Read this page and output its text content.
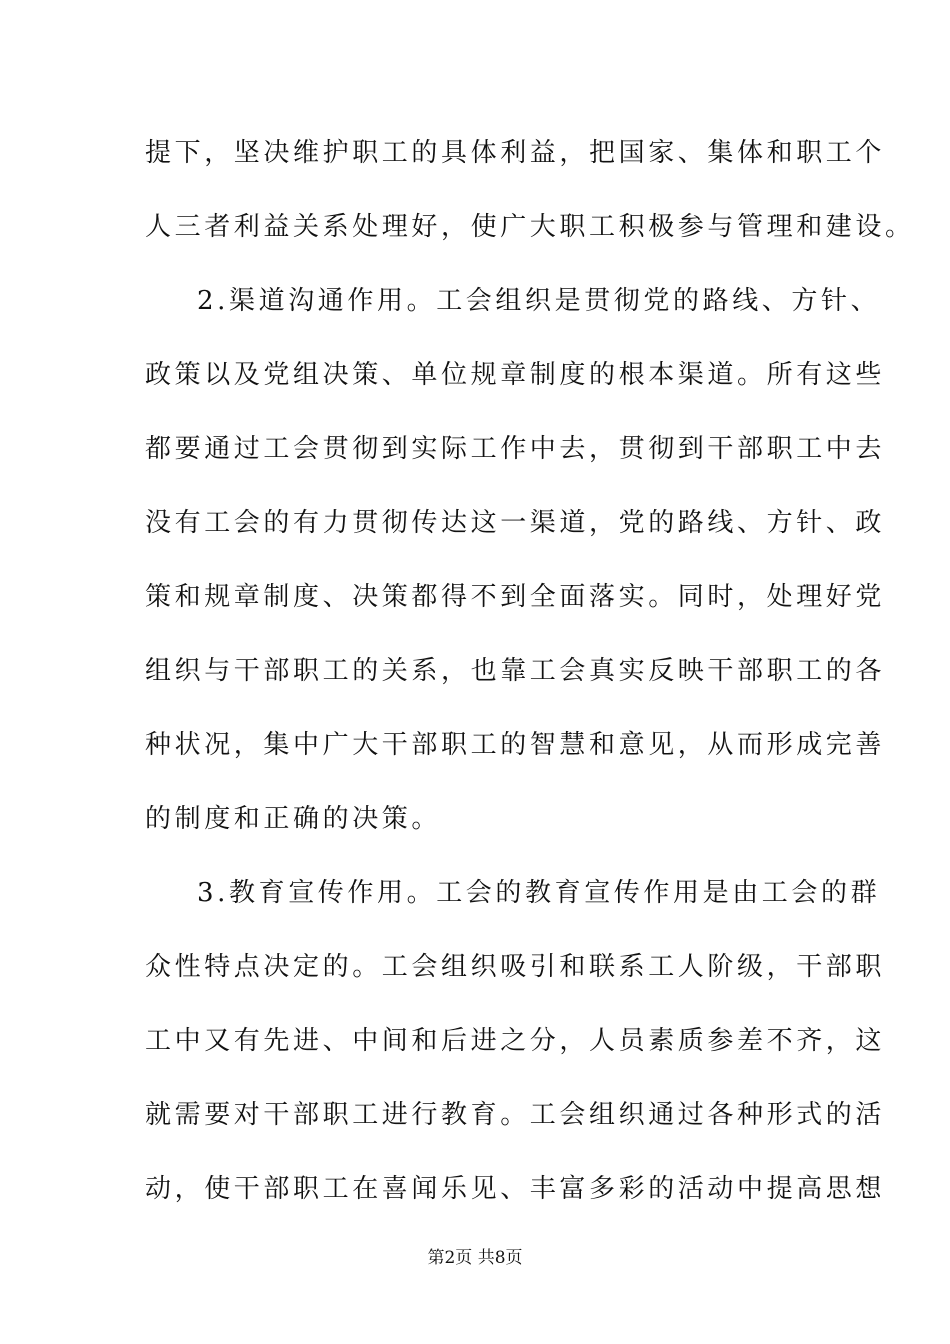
提下，坚决维护职工的具体利益，把国家、集体和职工个
人三者利益关系处理好，使广大职工积极参与管理和建设。
2.渠道沟通作用。工会组织是贯彻党的路线、方针、
政策以及党组决策、单位规章制度的根本渠道。所有这些
都要通过工会贯彻到实际工作中去，贯彻到干部职工中去
没有工会的有力贯彻传达这一渠道，党的路线、方针、政
策和规章制度、决策都得不到全面落实。同时，处理好党
组织与干部职工的关系，也靠工会真实反映干部职工的各
种状况，集中广大干部职工的智慧和意见，从而形成完善
的制度和正确的决策。
3.教育宣传作用。工会的教育宣传作用是由工会的群
众性特点决定的。工会组织吸引和联系工人阶级，干部职
工中又有先进、中间和后进之分，人员素质参差不齐，这
就需要对干部职工进行教育。工会组织通过各种形式的活
动，使干部职工在喜闻乐见、丰富多彩的活动中提高思想
第2页 共8页
